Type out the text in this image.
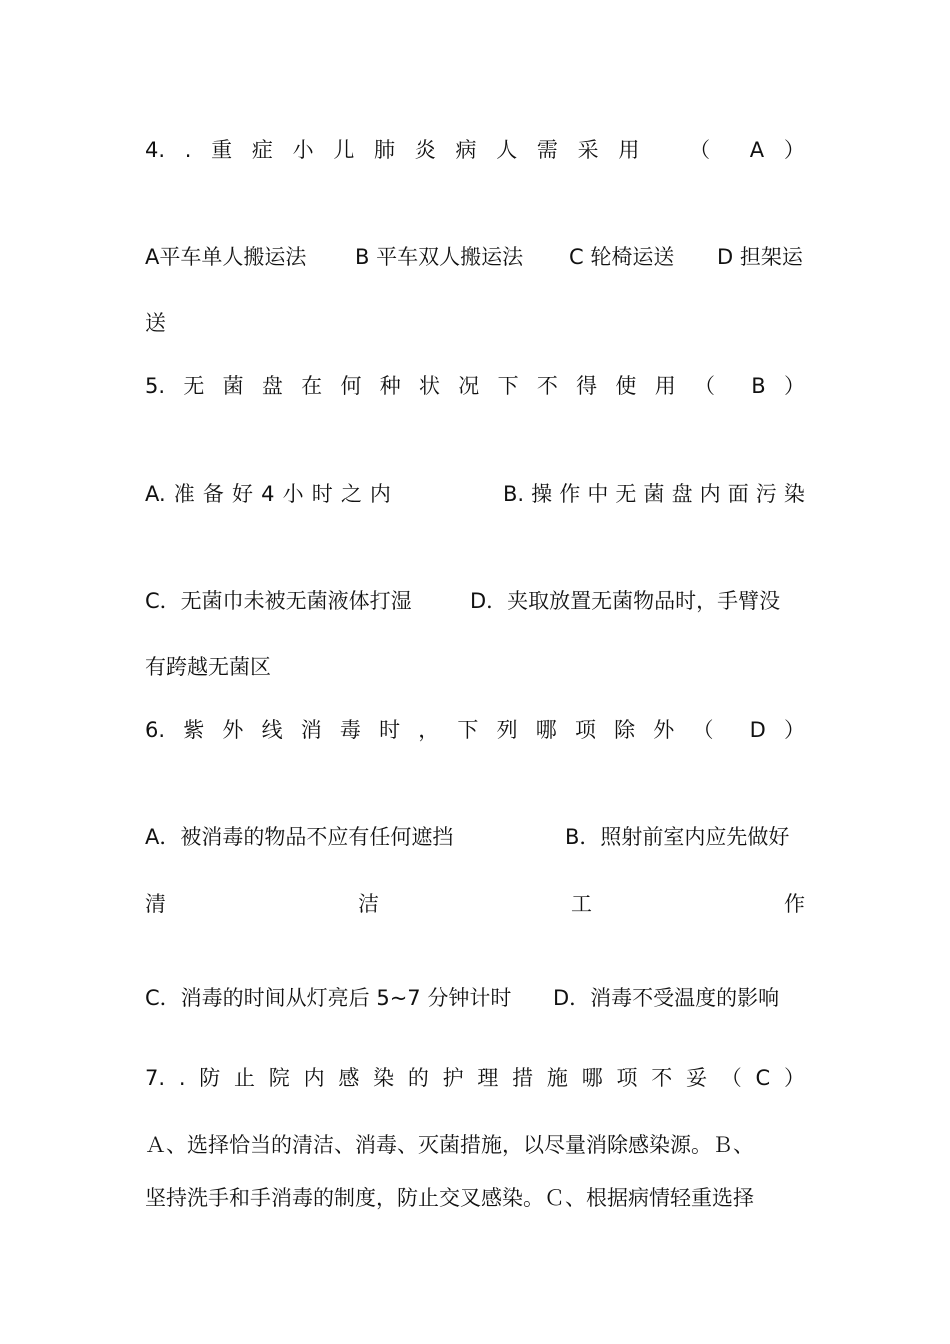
4. . 重 症 小 儿 肺 炎 病 人 需 采 用 （ A ）
A平车单人搬运法 B 平车双人搬运法 C 轮椅运送 D 担架运
送
5. 无 菌 盘 在 何 种 状 况 下 不 得 使 用 （ B ）
A. 准 备 好 4 小 时 之 内	B. 操 作 中 无 菌 盘 内 面 污 染
C．无菌巾未被无菌液体打湿	D．夹取放置无菌物品时，手臂没
有跨越无菌区
6. 紫 外 线 消 毒 时 ， 下 列 哪 项 除 外 （ D ）
A．被消毒的物品不应有任何遮挡	B．照射前室内应先做好
清	洁	工	作
C．消毒的时间从灯亮后 5~7 分钟计时 D．消毒不受温度的影响
7. . 防 止 院 内 感 染 的 护 理 措 施 哪 项 不 妥 （ C ）
Ａ、选择恰当的清洁、消毒、灭菌措施，以尽量消除感染源。Ｂ、
坚持洗手和手消毒的制度，防止交叉感染。Ｃ、根据病情轻重选择
